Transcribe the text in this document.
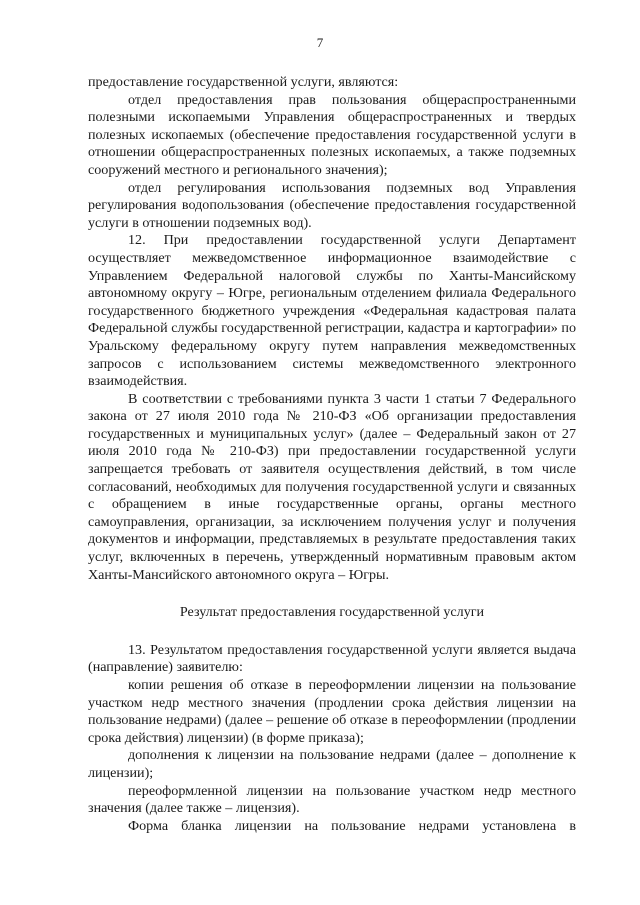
7

предоставление государственной услуги, являются:

отдел предоставления прав пользования общераспространенными полезными ископаемыми Управления общераспространенных и твердых полезных ископаемых (обеспечение предоставления государственной услуги в отношении общераспространенных полезных ископаемых, а также подземных сооружений местного и регионального значения);

отдел регулирования использования подземных вод Управления регулирования водопользования (обеспечение предоставления государственной услуги в отношении подземных вод).

12. При предоставлении государственной услуги Департамент осуществляет межведомственное информационное взаимодействие с Управлением Федеральной налоговой службы по Ханты-Мансийскому автономному округу – Югре, региональным отделением филиала Федерального государственного бюджетного учреждения «Федеральная кадастровая палата Федеральной службы государственной регистрации, кадастра и картографии» по Уральскому федеральному округу путем направления межведомственных запросов с использованием системы межведомственного электронного взаимодействия.

В соответствии с требованиями пункта 3 части 1 статьи 7 Федерального закона от 27 июля 2010 года № 210-ФЗ «Об организации предоставления государственных и муниципальных услуг» (далее – Федеральный закон от 27 июля 2010 года № 210-ФЗ) при предоставлении государственной услуги запрещается требовать от заявителя осуществления действий, в том числе согласований, необходимых для получения государственной услуги и связанных с обращением в иные государственные органы, органы местного самоуправления, организации, за исключением получения услуг и получения документов и информации, представляемых в результате предоставления таких услуг, включенных в перечень, утвержденный нормативным правовым актом Ханты-Мансийского автономного округа – Югры.

Результат предоставления государственной услуги

13. Результатом предоставления государственной услуги является выдача (направление) заявителю:

копии решения об отказе в переоформлении лицензии на пользование участком недр местного значения (продлении срока действия лицензии на пользование недрами) (далее – решение об отказе в переоформлении (продлении срока действия) лицензии) (в форме приказа);

дополнения к лицензии на пользование недрами (далее – дополнение к лицензии);

переоформленной лицензии на пользование участком недр местного значения (далее также – лицензия).

Форма бланка лицензии на пользование недрами установлена в
